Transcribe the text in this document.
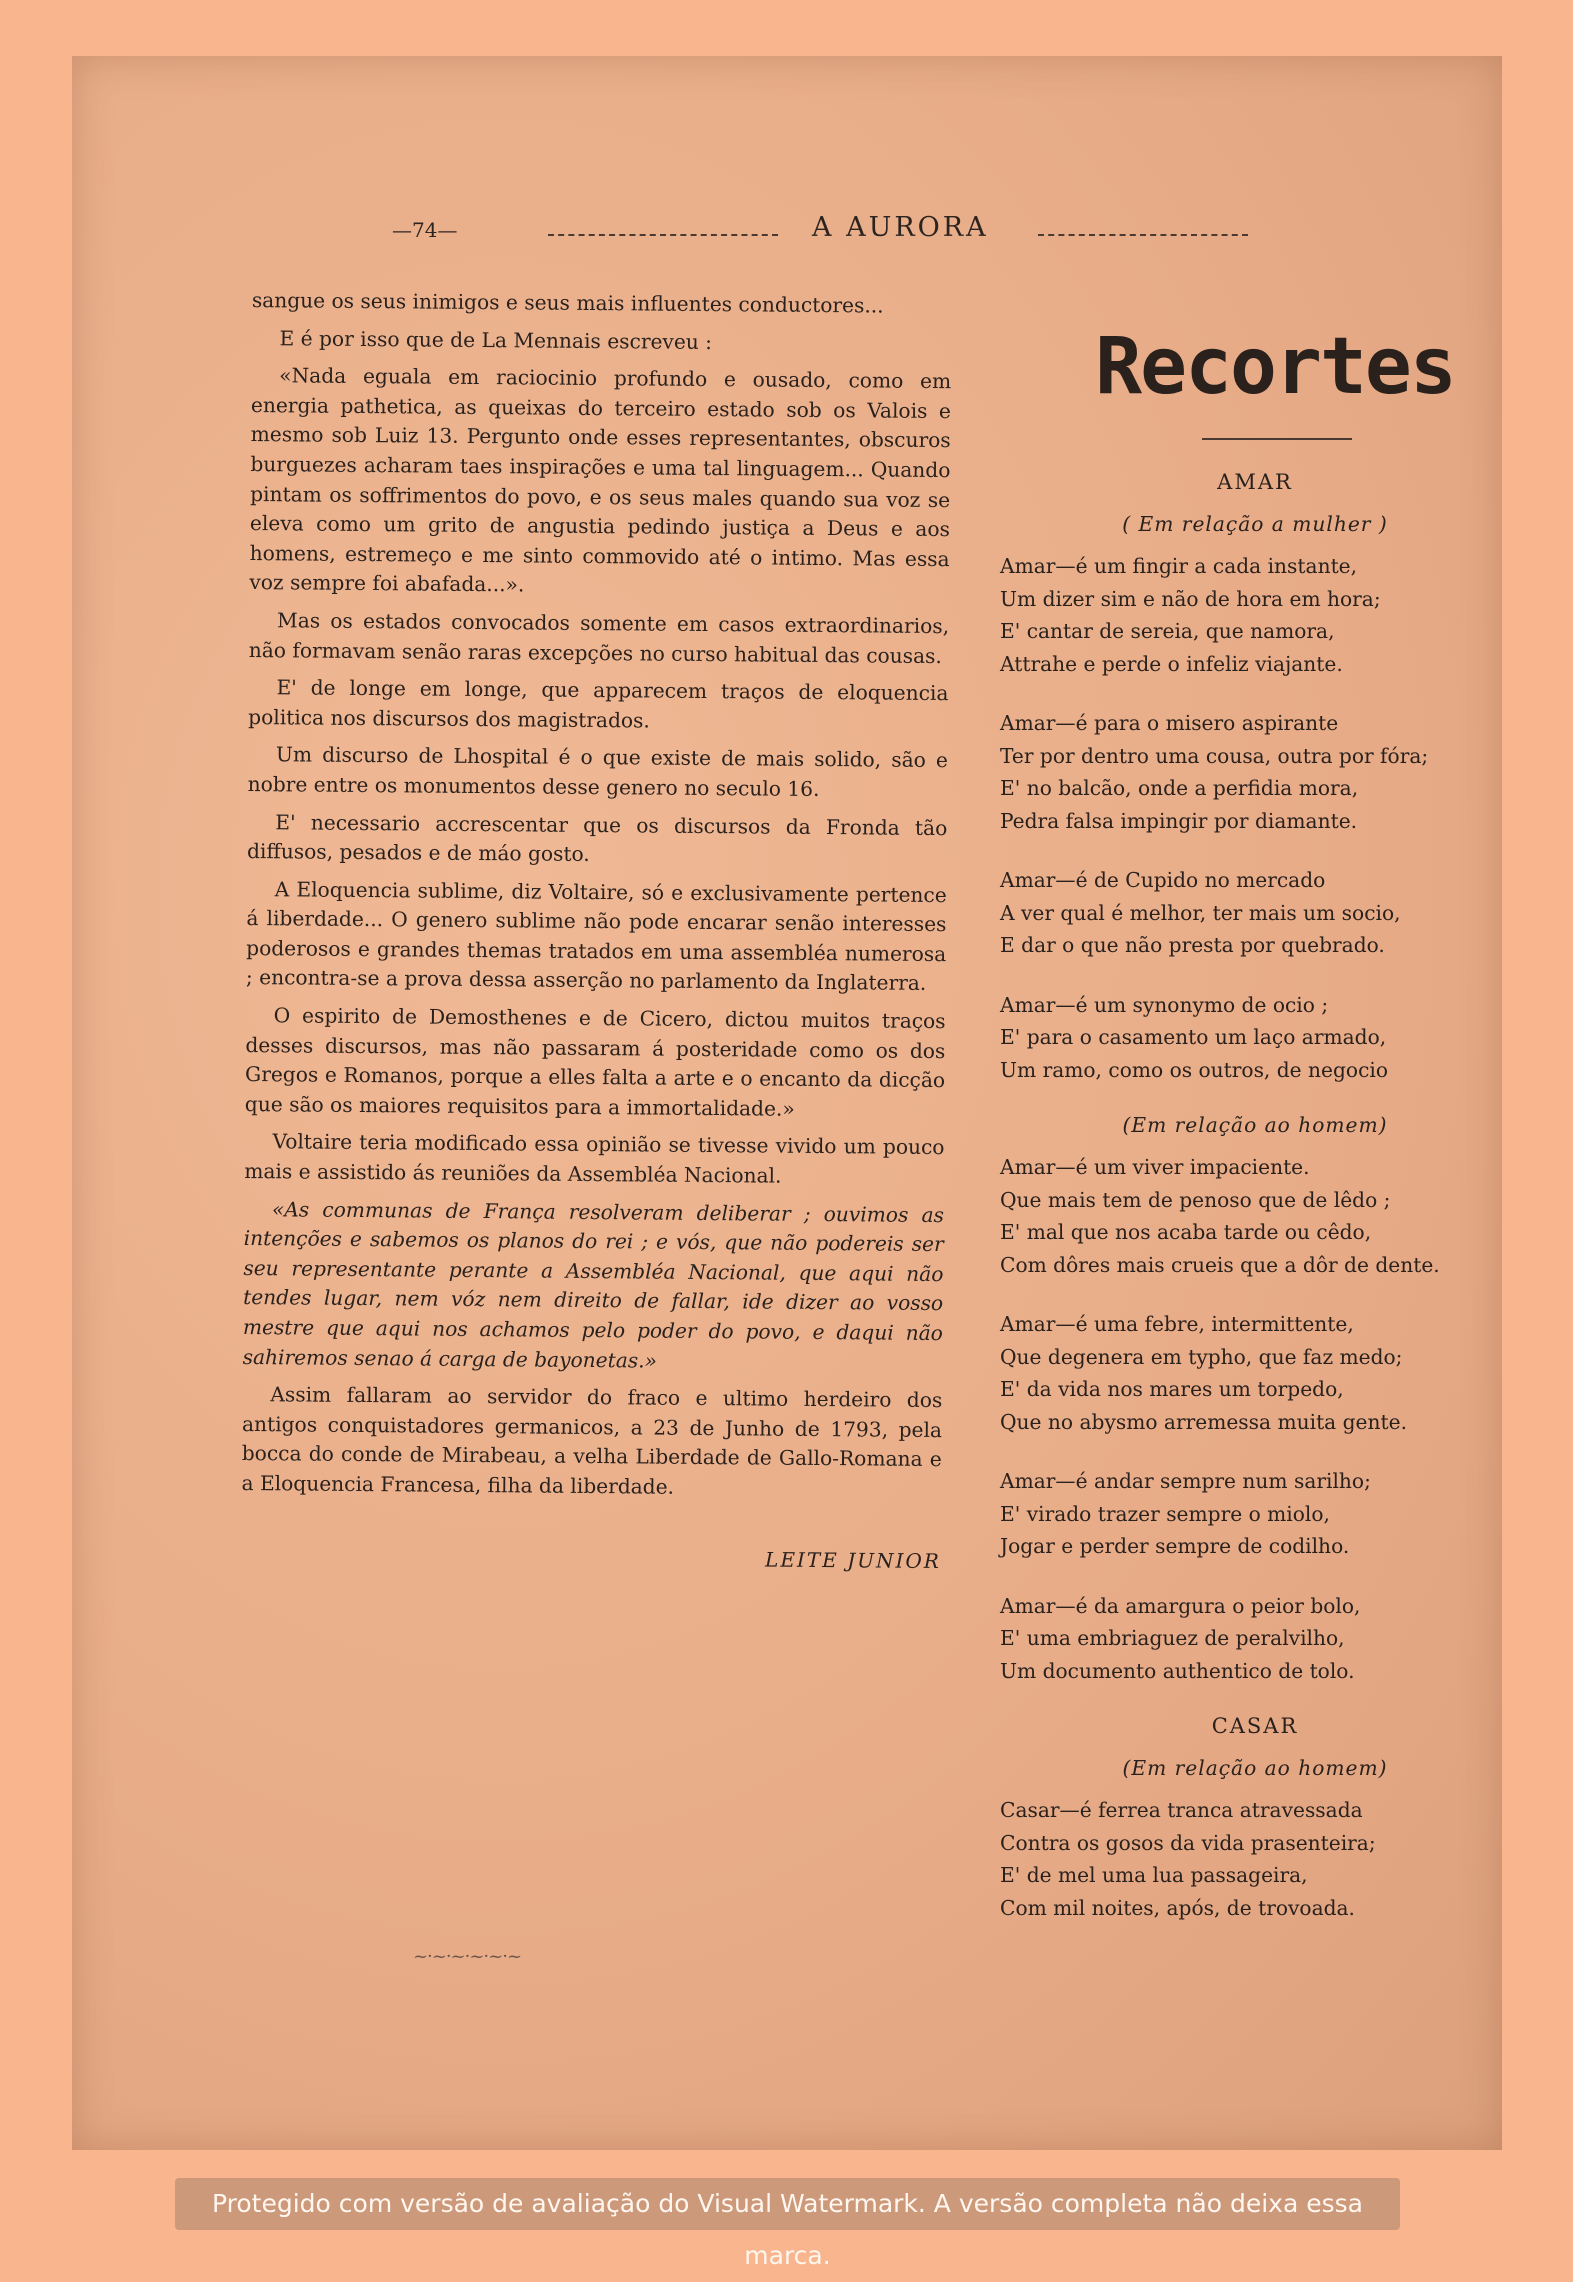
—74—	A AURORA

sangue os seus inimigos e seus mais influentes conductores...

E é por isso que de La Mennais escreveu :

«Nada eguala em raciocinio profundo e ousado, como em energia pathetica, as queixas do terceiro estado sob os Valois e mesmo sob Luiz 13. Pergunto onde esses representantes, obscuros burguezes acharam taes inspirações e uma tal linguagem... Quando pintam os soffrimentos do povo, e os seus males quando sua voz se eleva como um grito de angustia pedindo justiça a Deus e aos homens, estremeço e me sinto commovido até o intimo. Mas essa voz sempre foi abafada...».

Mas os estados convocados somente em casos extraordinarios, não formavam senão raras excepções no curso habitual das cousas.

E' de longe em longe, que apparecem traços de eloquencia politica nos discursos dos magistrados.

Um discurso de Lhospital é o que existe de mais solido, são e nobre entre os monumentos desse genero no seculo 16.

E' necessario accrescentar que os discursos da Fronda tão diffusos, pesados e de máo gosto.

A Eloquencia sublime, diz Voltaire, só e exclusivamente pertence á liberdade... O genero sublime não pode encarar senão interesses poderosos e grandes themas tratados em uma assembléa numerosa ; encontra-se a prova dessa asserção no parlamento da Inglaterra.

O espirito de Demosthenes e de Cicero, dictou muitos traços desses discursos, mas não passaram á posteridade como os dos Gregos e Romanos, porque a elles falta a arte e o encanto da dicção que são os maiores requisitos para a immortalidade.»

Voltaire teria modificado essa opinião se tivesse vivido um pouco mais e assistido ás reuniões da Assembléa Nacional.

«As communas de França resolveram deliberar ; ouvimos as intenções e sabemos os planos do rei ; e vós, que não podereis ser seu representante perante a Assembléa Nacional, que aqui não tendes lugar, nem vóz nem direito de fallar, ide dizer ao vosso mestre que aqui nos achamos pelo poder do povo, e daqui não sahiremos senao á carga de bayonetas.»

Assim fallaram ao servidor do fraco e ultimo herdeiro dos antigos conquistadores germanicos, a 23 de Junho de 1793, pela bocca do conde de Mirabeau, a velha Liberdade de Gallo-Romana e a Eloquencia Francesa, filha da liberdade.

LEITE JUNIOR
~·~·~·~·~·~
Recortes
AMAR
( Em relação a mulher )
Amar—é um fingir a cada instante,
Um dizer sim e não de hora em hora;
E' cantar de sereia, que namora,
Attrahe e perde o infeliz viajante.
Amar—é para o misero aspirante
Ter por dentro uma cousa, outra por fóra;
E' no balcão, onde a perfidia mora,
Pedra falsa impingir por diamante.
Amar—é de Cupido no mercado
A ver qual é melhor, ter mais um socio,
E dar o que não presta por quebrado.
Amar—é um synonymo de ocio ;
E' para o casamento um laço armado,
Um ramo, como os outros, de negocio
(Em relação ao homem)
Amar—é um viver impaciente.
Que mais tem de penoso que de lêdo ;
E' mal que nos acaba tarde ou cêdo,
Com dôres mais crueis que a dôr de dente.
Amar—é uma febre, intermittente,
Que degenera em typho, que faz medo;
E' da vida nos mares um torpedo,
Que no abysmo arremessa muita gente.
Amar—é andar sempre num sarilho;
E' virado trazer sempre o miolo,
Jogar e perder sempre de codilho.
Amar—é da amargura o peior bolo,
E' uma embriaguez de peralvilho,
Um documento authentico de tolo.
CASAR
(Em relação ao homem)
Casar—é ferrea tranca atravessada
Contra os gosos da vida prasenteira;
E' de mel uma lua passageira,
Com mil noites, após, de trovoada.
Protegido com versão de avaliação do Visual Watermark. A versão completa não deixa essa marca.
